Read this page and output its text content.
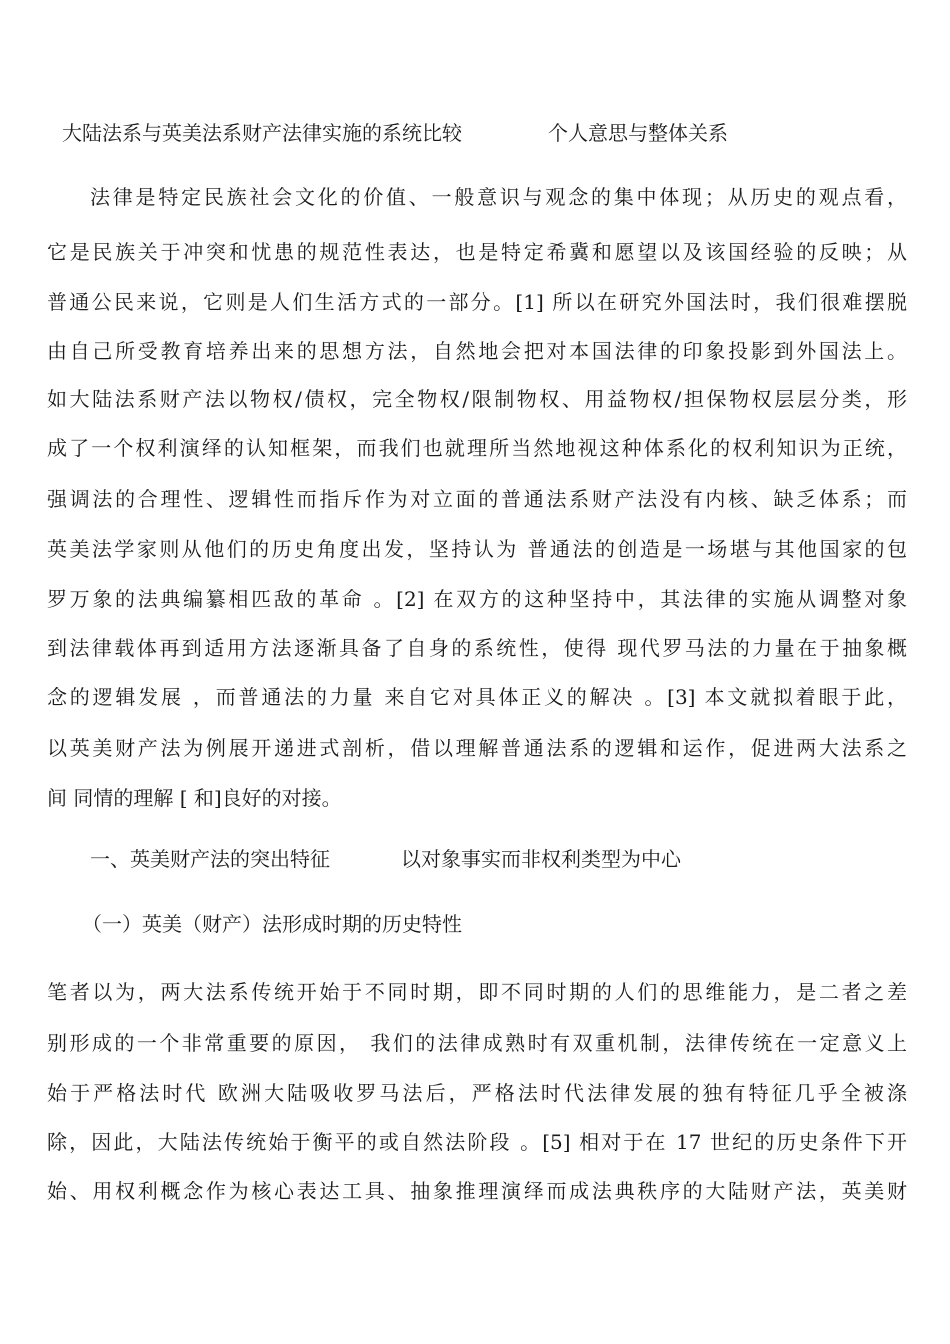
大陆法系与英美法系财产法律实施的系统比较	个人意思与整体关系
法律是特定民族社会文化的价值、一般意识与观念的集中体现；从历史的观点看，
它是民族关于冲突和忧患的规范性表达，也是特定希冀和愿望以及该国经验的反映；从
普通公民来说，它则是人们生活方式的一部分。[1] 所以在研究外国法时，我们很难摆脱
由自己所受教育培养出来的思想方法，自然地会把对本国法律的印象投影到外国法上。
如大陆法系财产法以物权/债权，完全物权/限制物权、用益物权/担保物权层层分类，形
成了一个权利演绎的认知框架，而我们也就理所当然地视这种体系化的权利知识为正统，
强调法的合理性、逻辑性而指斥作为对立面的普通法系财产法没有内核、缺乏体系；而
英美法学家则从他们的历史角度出发，坚持认为 普通法的创造是一场堪与其他国家的包
罗万象的法典编纂相匹敌的革命 。[2] 在双方的这种坚持中，其法律的实施从调整对象
到法律载体再到适用方法逐渐具备了自身的系统性，使得 现代罗马法的力量在于抽象概
念的逻辑发展 ，而普通法的力量 来自它对具体正义的解决 。[3] 本文就拟着眼于此，
以英美财产法为例展开递进式剖析，借以理解普通法系的逻辑和运作，促进两大法系之
间 同情的理解 [ 和]良好的对接。
一、英美财产法的突出特征	以对象事实而非权利类型为中心
（一）英美（财产）法形成时期的历史特性
笔者以为，两大法系传统开始于不同时期，即不同时期的人们的思维能力，是二者之差
别形成的一个非常重要的原因， 我们的法律成熟时有双重机制，法律传统在一定意义上
始于严格法时代 欧洲大陆吸收罗马法后，严格法时代法律发展的独有特征几乎全被涤
除，因此，大陆法传统始于衡平的或自然法阶段 。[5] 相对于在 17 世纪的历史条件下开
始、用权利概念作为核心表达工具、抽象推理演绎而成法典秩序的大陆财产法，英美财
